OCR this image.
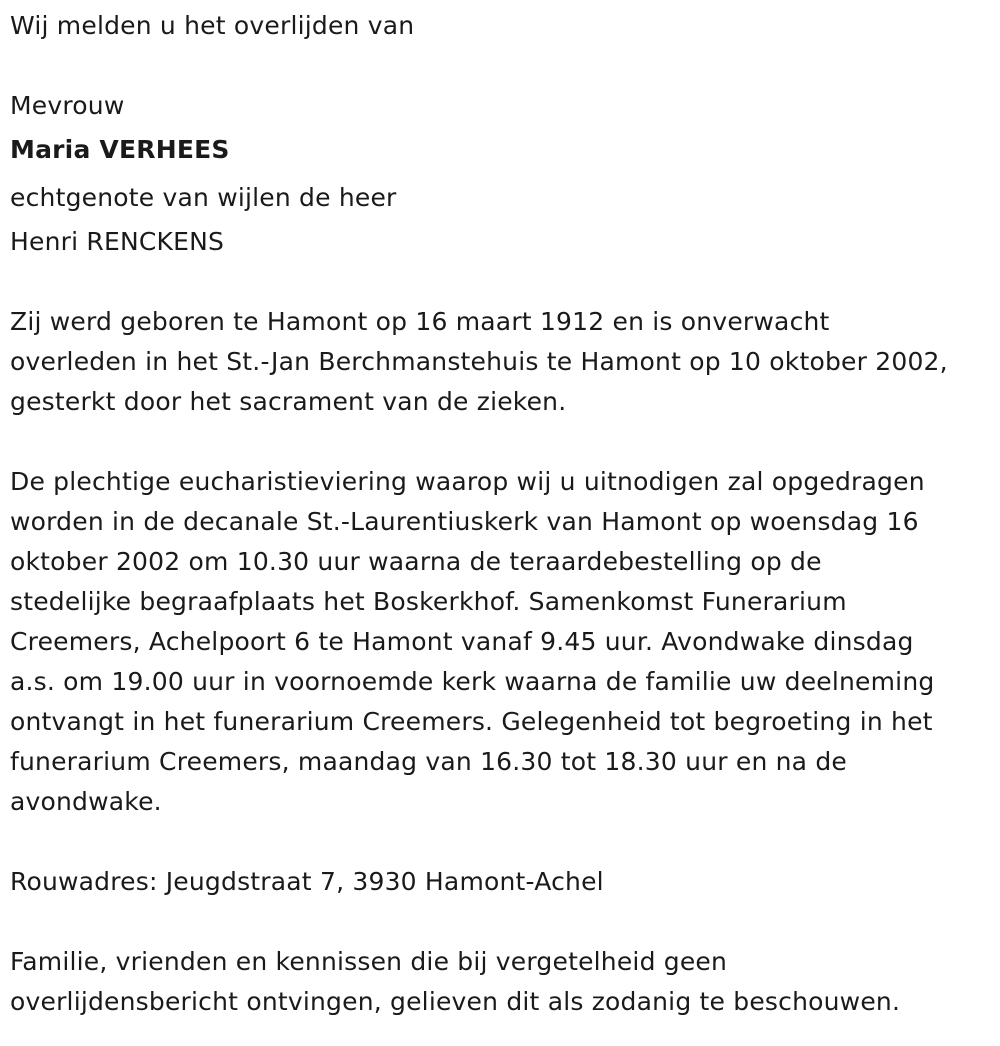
Wij melden u het overlijden van
Mevrouw
Maria VERHEES
echtgenote van wijlen de heer
Henri RENCKENS
Zij werd geboren te Hamont op 16 maart 1912 en is onverwacht
overleden in het St.-Jan Berchmanstehuis te Hamont op 10 oktober 2002,
gesterkt door het sacrament van de zieken.
De plechtige eucharistieviering waarop wij u uitnodigen zal opgedragen
worden in de decanale St.-Laurentiuskerk van Hamont op woensdag 16
oktober 2002 om 10.30 uur waarna de teraardebestelling op de
stedelijke begraafplaats het Boskerkhof. Samenkomst Funerarium
Creemers, Achelpoort 6 te Hamont vanaf 9.45 uur. Avondwake dinsdag
a.s. om 19.00 uur in voornoemde kerk waarna de familie uw deelneming
ontvangt in het funerarium Creemers. Gelegenheid tot begroeting in het
funerarium Creemers, maandag van 16.30 tot 18.30 uur en na de
avondwake.
Rouwadres: Jeugdstraat 7, 3930 Hamont-Achel
Familie, vrienden en kennissen die bij vergetelheid geen
overlijdensbericht ontvingen, gelieven dit als zodanig te beschouwen.
